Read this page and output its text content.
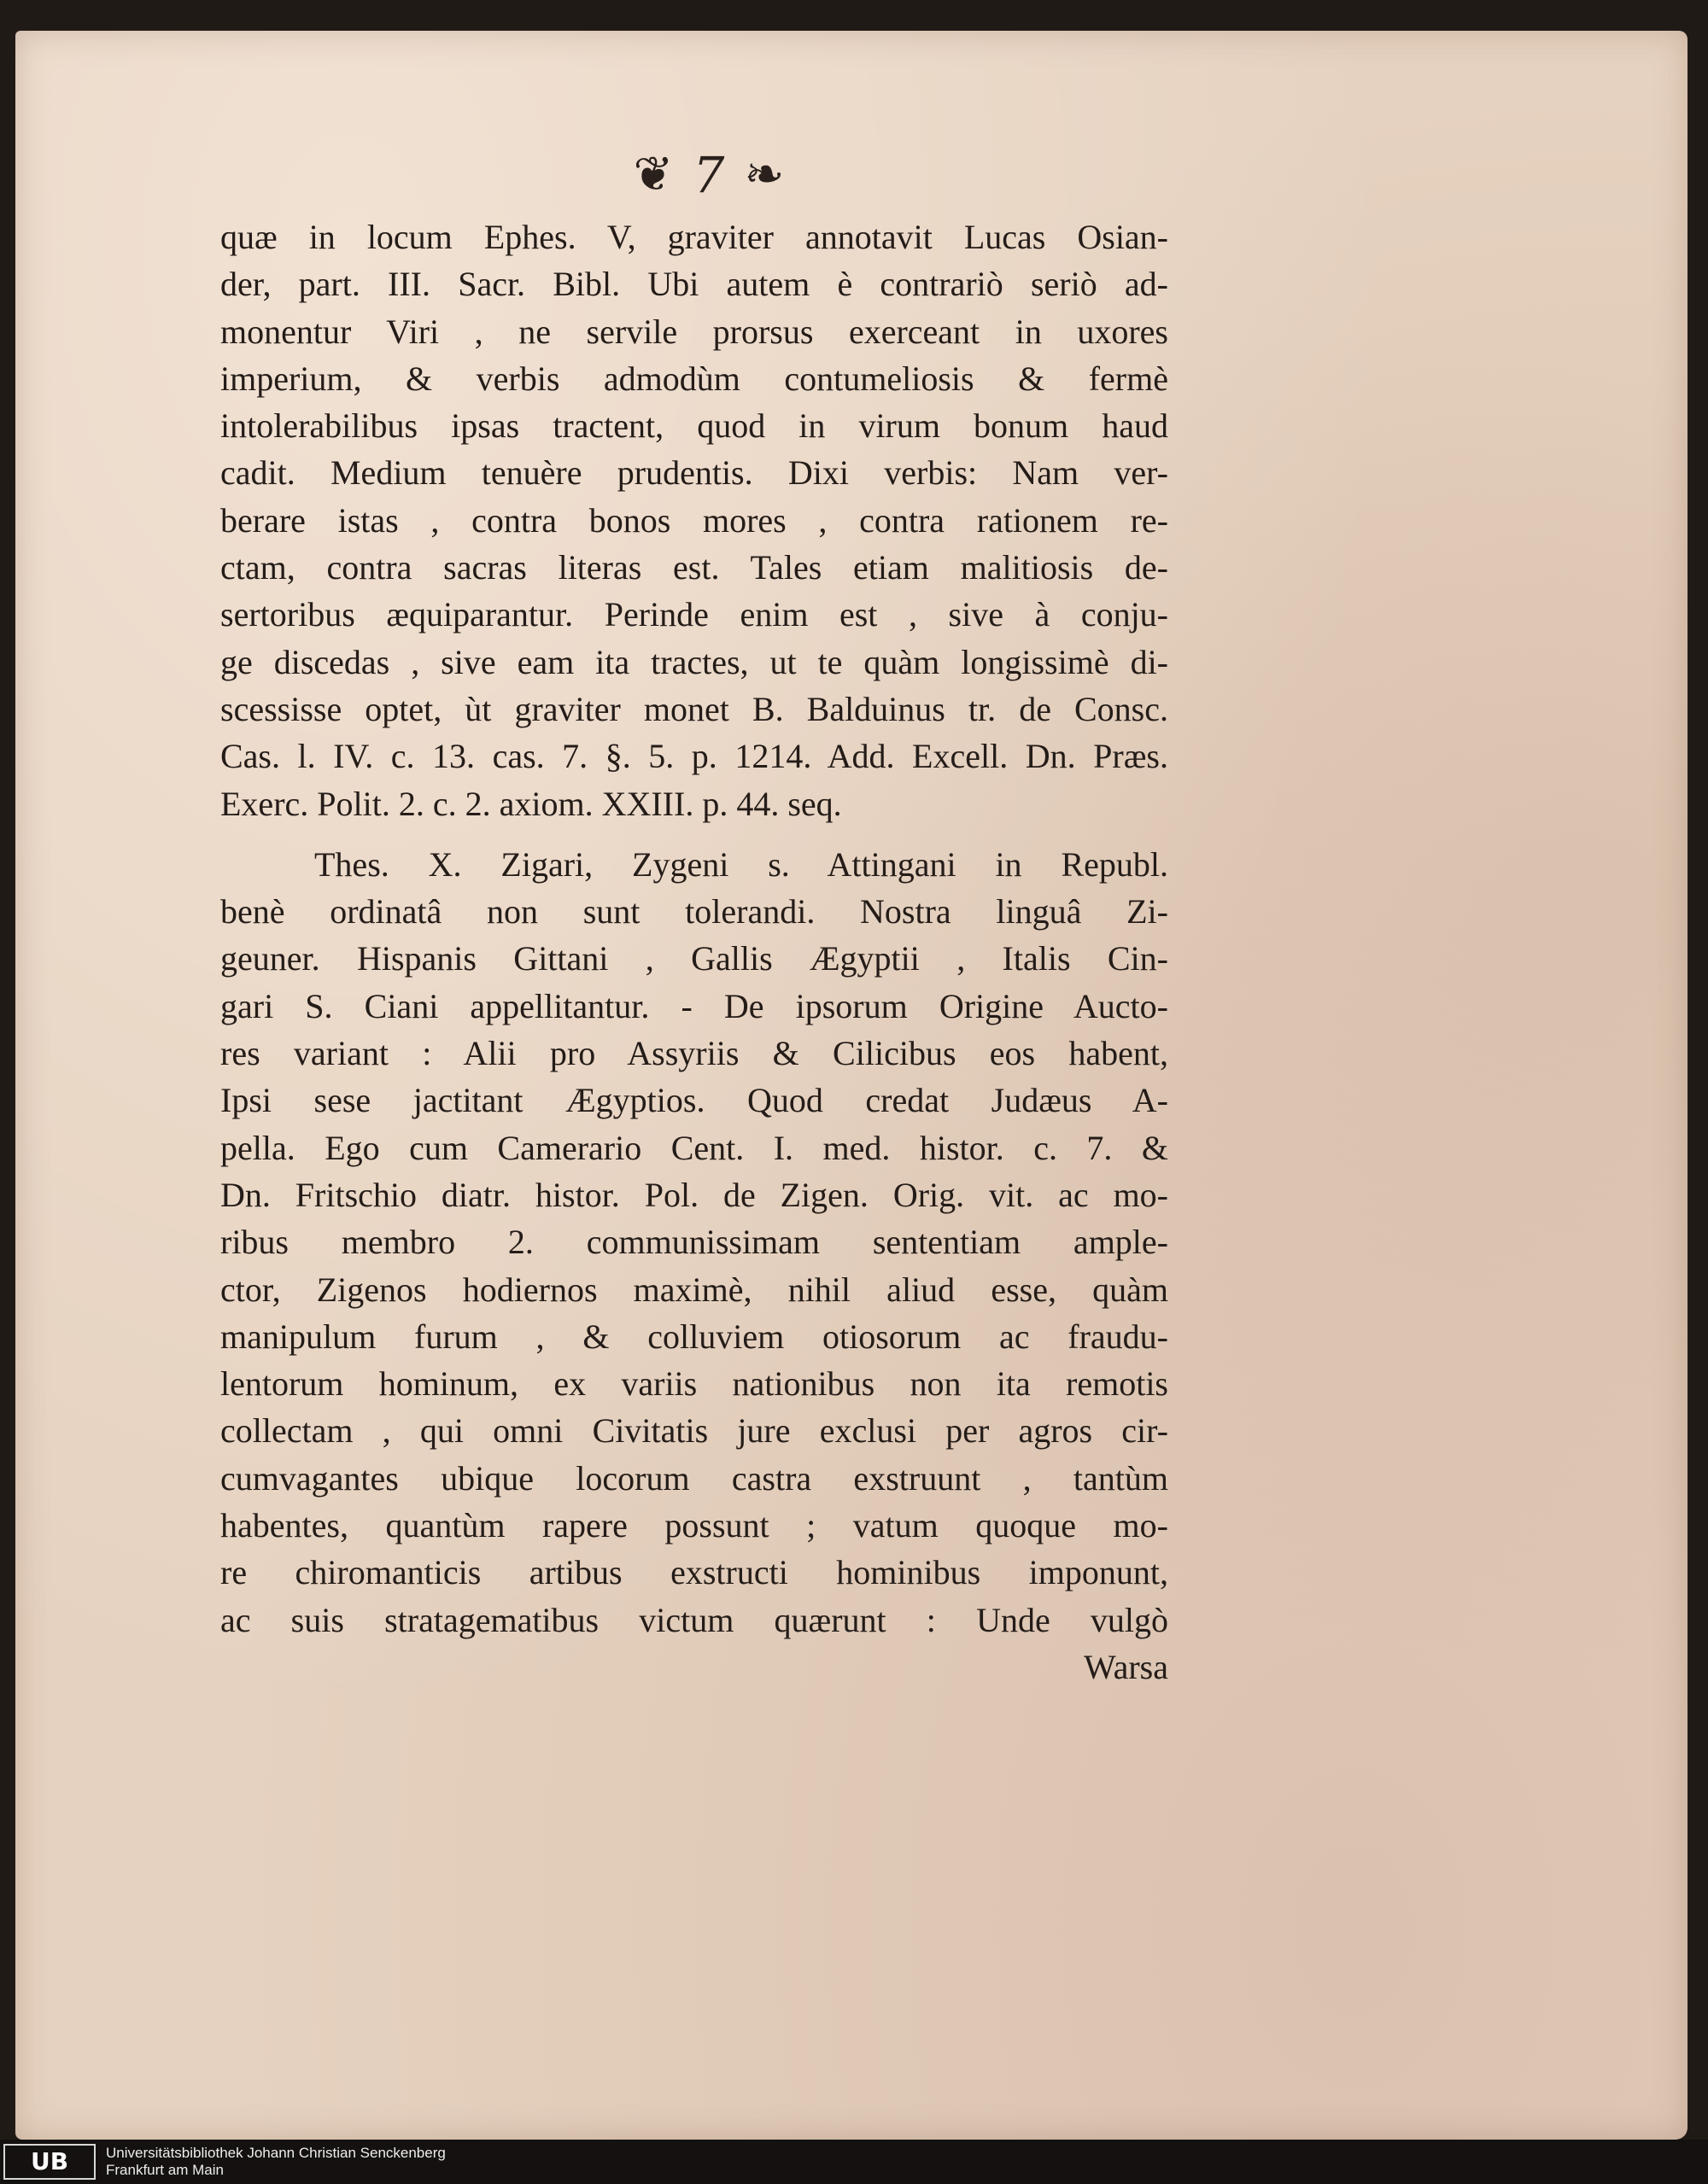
❦ 7 ❧
quæ in locum Ephes. V, graviter annotavit Lucas Osian-
der, part. III. Sacr. Bibl. Ubi autem è contrariò seriò ad-
monentur Viri , ne servile prorsus exerceant in uxores
imperium, & verbis admodùm contumeliosis & fermè
intolerabilibus ipsas tractent, quod in virum bonum haud
cadit. Medium tenuère prudentis. Dixi verbis: Nam ver-
berare istas , contra bonos mores , contra rationem re-
ctam, contra sacras literas est. Tales etiam malitiosis de-
sertoribus æquiparantur. Perinde enim est , sive à conju-
ge discedas , sive eam ita tractes, ut te quàm longissimè di-
scessisse optet, ùt graviter monet B. Balduinus tr. de Consc.
Cas. l. IV. c. 13. cas. 7. §. 5. p. 1214. Add. Excell. Dn. Præs.
Exerc. Polit. 2. c. 2. axiom. XXIII. p. 44. seq.
Thes. X. Zigari, Zygeni s. Attingani in Republ.
benè ordinatâ non sunt tolerandi. Nostra linguâ Zi-
geuner. Hispanis Gittani , Gallis Ægyptii , Italis Cin-
gari S. Ciani appellitantur. - De ipsorum Origine Aucto-
res variant : Alii pro Assyriis & Cilicibus eos habent,
Ipsi sese jactitant Ægyptios. Quod credat Judæus A-
pella. Ego cum Camerario Cent. I. med. histor. c. 7. &
Dn. Fritschio diatr. histor. Pol. de Zigen. Orig. vit. ac mo-
ribus membro 2. communissimam sententiam ample-
ctor, Zigenos hodiernos maximè, nihil aliud esse, quàm
manipulum furum , & colluviem otiosorum ac fraudu-
lentorum hominum, ex variis nationibus non ita remotis
collectam , qui omni Civitatis jure exclusi per agros cir-
cumvagantes ubique locorum castra exstruunt , tantùm
habentes, quantùm rapere possunt ; vatum quoque mo-
re chiromanticis artibus exstructi hominibus imponunt,
ac suis stratagematibus victum quærunt : Unde vulgò
Warsa
UB	Universitätsbibliothek Johann Christian Senckenberg
Frankfurt am Main
